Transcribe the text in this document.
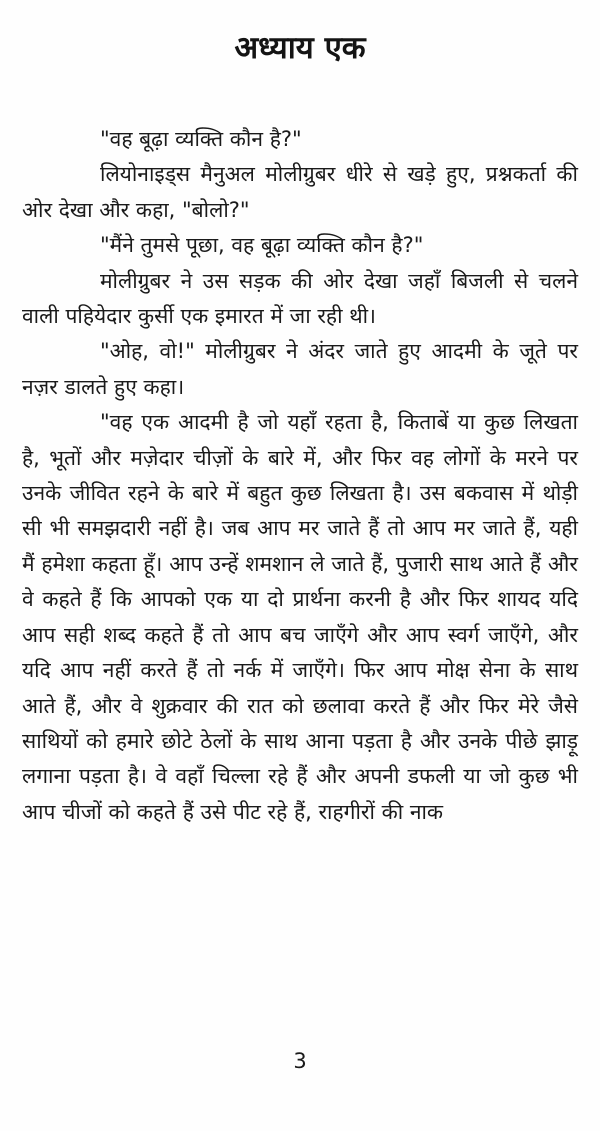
अध्याय एक

"वह बूढ़ा व्यक्ति कौन है?"

लियोनाइड्स मैनुअल मोलीग्रुबर धीरे से खड़े हुए, प्रश्नकर्ता की ओर देखा और कहा, "बोलो?"

"मैंने तुमसे पूछा, वह बूढ़ा व्यक्ति कौन है?"

मोलीग्रुबर ने उस सड़क की ओर देखा जहाँ बिजली से चलने वाली पहियेदार कुर्सी एक इमारत में जा रही थी।

"ओह, वो!" मोलीग्रुबर ने अंदर जाते हुए आदमी के जूते पर नज़र डालते हुए कहा।

"वह एक आदमी है जो यहाँ रहता है, किताबें या कुछ लिखता है, भूतों और मज़ेदार चीज़ों के बारे में, और फिर वह लोगों के मरने पर उनके जीवित रहने के बारे में बहुत कुछ लिखता है। उस बकवास में थोड़ी सी भी समझदारी नहीं है। जब आप मर जाते हैं तो आप मर जाते हैं, यही मैं हमेशा कहता हूँ। आप उन्हें शमशान ले जाते हैं, पुजारी साथ आते हैं और वे कहते हैं कि आपको एक या दो प्रार्थना करनी है और फिर शायद यदि आप सही शब्द कहते हैं तो आप बच जाएँगे और आप स्वर्ग जाएँगे, और यदि आप नहीं करते हैं तो नर्क में जाएँगे। फिर आप मोक्ष सेना के साथ आते हैं, और वे शुक्रवार की रात को छलावा करते हैं और फिर मेरे जैसे साथियों को हमारे छोटे ठेलों के साथ आना पड़ता है और उनके पीछे झाड़ू लगाना पड़ता है। वे वहाँ चिल्ला रहे हैं और अपनी डफली या जो कुछ भी आप चीजों को कहते हैं उसे पीट रहे हैं, राहगीरों की नाक

3
